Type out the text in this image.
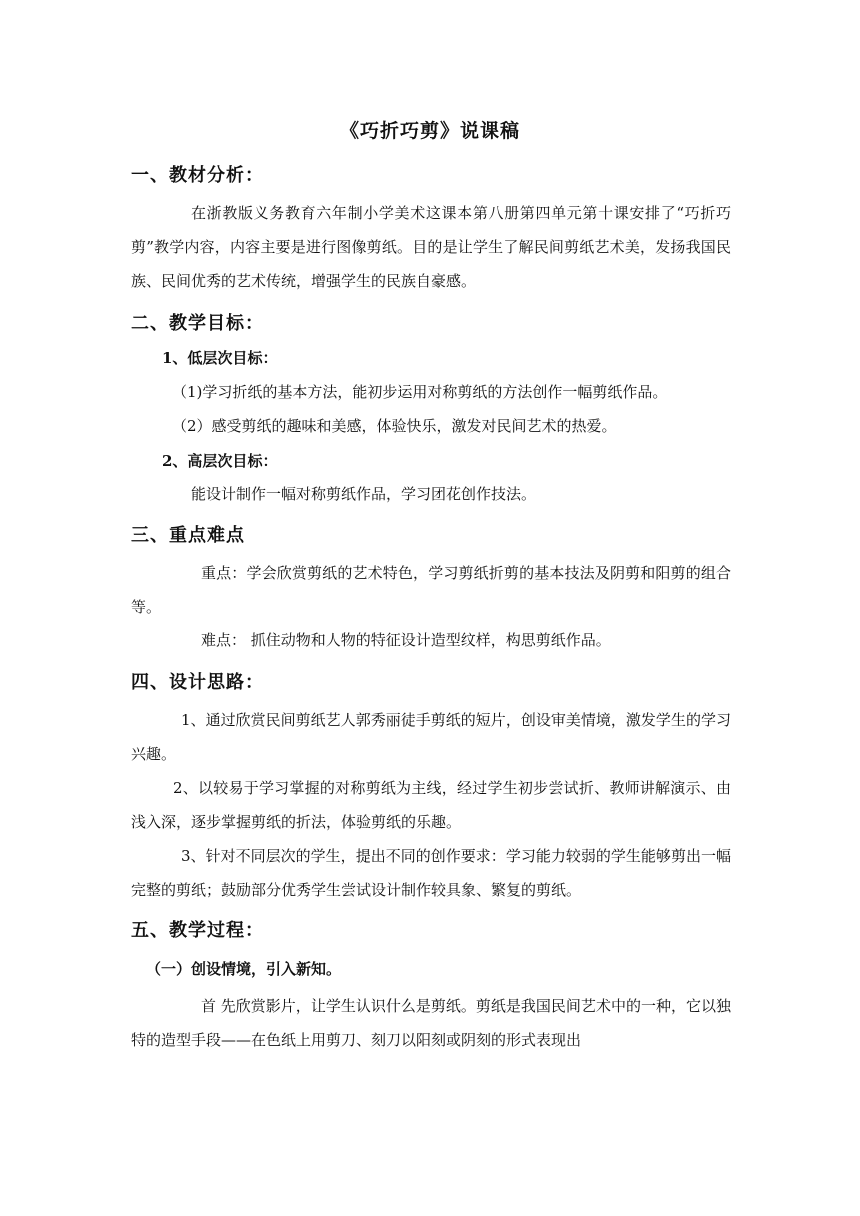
《巧折巧剪》说课稿
一、教材分析：
在浙教版义务教育六年制小学美术这课本第八册第四单元第十课安排了“巧折巧剪”教学内容，内容主要是进行图像剪纸。目的是让学生了解民间剪纸艺术美，发扬我国民族、民间优秀的艺术传统，增强学生的民族自豪感。
二、教学目标：
1、低层次目标：
（1)学习折纸的基本方法，能初步运用对称剪纸的方法创作一幅剪纸作品。
（2）感受剪纸的趣味和美感，体验快乐，激发对民间艺术的热爱。
2、高层次目标：
能设计制作一幅对称剪纸作品，学习团花创作技法。
三、重点难点
重点：学会欣赏剪纸的艺术特色，学习剪纸折剪的基本技法及阴剪和阳剪的组合等。
难点： 抓住动物和人物的特征设计造型纹样，构思剪纸作品。
四、设计思路：
1、通过欣赏民间剪纸艺人郭秀丽徒手剪纸的短片，创设审美情境，激发学生的学习兴趣。
2、以较易于学习掌握的对称剪纸为主线，经过学生初步尝试折、教师讲解演示、由浅入深，逐步掌握剪纸的折法，体验剪纸的乐趣。
3、针对不同层次的学生，提出不同的创作要求：学习能力较弱的学生能够剪出一幅完整的剪纸；鼓励部分优秀学生尝试设计制作较具象、繁复的剪纸。
五、教学过程：
（一）创设情境，引入新知。
首 先欣赏影片，让学生认识什么是剪纸。剪纸是我国民间艺术中的一种，它以独特的造型手段——在色纸上用剪刀、刻刀以阳刻或阴刻的形式表现出
